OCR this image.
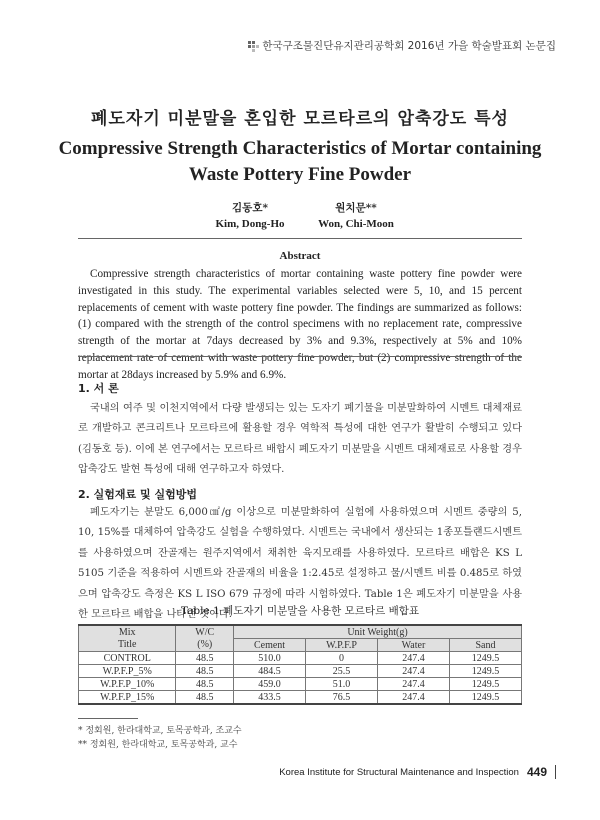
한국구조물진단유지관리공학회 2016년 가을 학술발표회 논문집
폐도자기 미분말을 혼입한 모르타르의 압축강도 특성
Compressive Strength Characteristics of Mortar containing Waste Pottery Fine Powder
김동호*
Kim, Dong-Ho
원치문**
Won, Chi-Moon
Abstract
Compressive strength characteristics of mortar containing waste pottery fine powder were investigated in this study. The experimental variables selected were 5, 10, and 15 percent replacements of cement with waste pottery fine powder. The findings are summarized as follows: (1) compared with the strength of the control specimens with no replacement rate, compressive strength of the mortar at 7days decreased by 3% and 9.3%, respectively at 5% and 10% replacement rate of cement with waste pottery fine powder, but (2) compressive strength of the mortar at 28days increased by 5.9% and 6.9%.
1. 서 론
국내의 여주 및 이천지역에서 다량 발생되는 있는 도자기 폐기물을 미분말화하여 시멘트 대체재료로 개발하고 콘크리트나 모르타르에 활용할 경우 역학적 특성에 대한 연구가 활발히 수행되고 있다(김동호 등). 이에 본 연구에서는 모르타르 배합시 폐도자기 미분말을 시멘트 대체재료로 사용할 경우 압축강도 발현 특성에 대해 연구하고자 하였다.
2. 실험재료 및 실험방법
폐도자기는 분말도 6,000㎠/g 이상으로 미분말화하여 실험에 사용하였으며 시멘트 중량의 5, 10, 15%를 대체하여 압축강도 실험을 수행하였다. 시멘트는 국내에서 생산되는 1종포틀랜드시멘트를 사용하였으며 잔골재는 원주지역에서 채취한 육지모래를 사용하였다. 모르타르 배합은 KS L 5105 기준을 적용하여 시멘트와 잔골재의 비율을 1:2.45로 설정하고 물/시멘트 비를 0.485로 하였으며 압축강도 측정은 KS L ISO 679 규정에 따라 시험하였다. Table 1은 폐도자기 미분말을 사용한 모르타르 배합을 나타낸 것이다.
Table 1 폐도자기 미분말을 사용한 모르타르 배합표
Mix	W/C	Unit Weight(g)			
Title	(%)	Cement	W.P.F.P	Water	Sand
CONTROL	48.5	510.0	0	247.4	1249.5
W.P.F.P_5%	48.5	484.5	25.5	247.4	1249.5
W.P.F.P_10%	48.5	459.0	51.0	247.4	1249.5
W.P.F.P_15%	48.5	433.5	76.5	247.4	1249.5
* 정회원, 한라대학교, 토목공학과, 조교수
** 정회원, 한라대학교, 토목공학과, 교수
Korea Institute for Structural Maintenance and Inspection 449
